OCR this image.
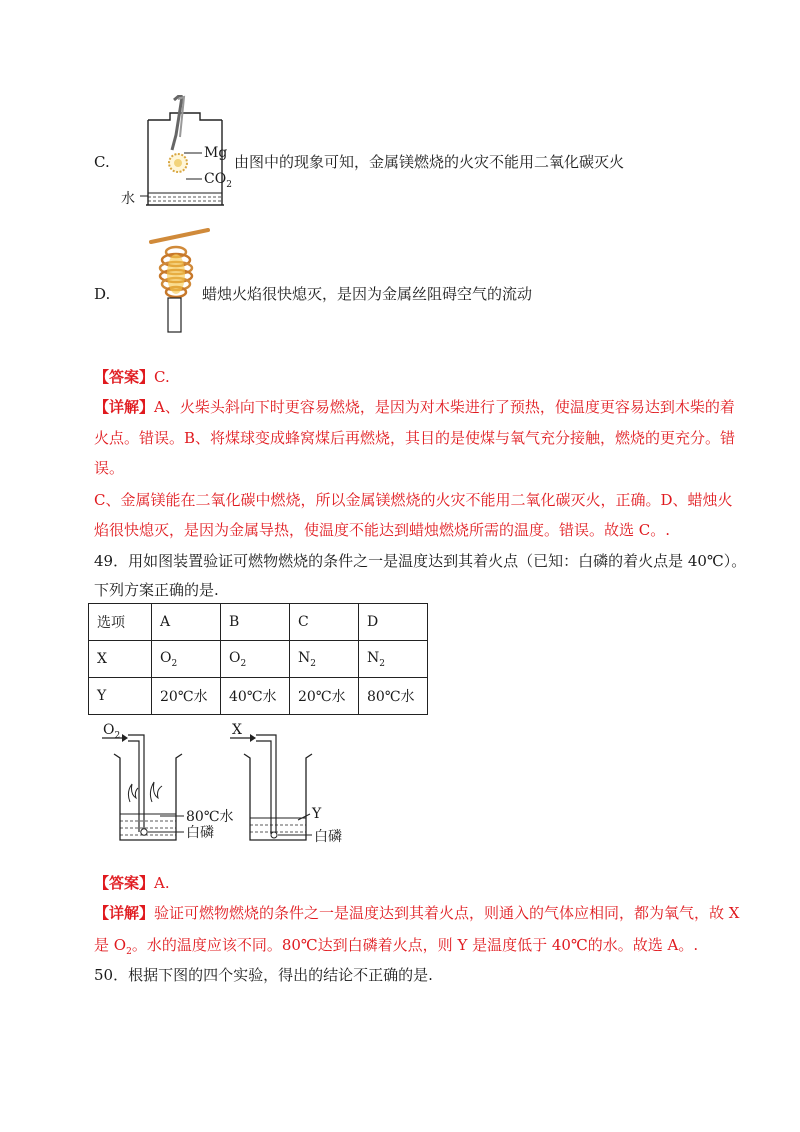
C.	Mg
$CO_2$
水
由图中的现象可知，金属镁燃烧的火灾不能用二氧化碳灭火
D.	蜡烛火焰很快熄灭，是因为金属丝阻碍空气的流动
【答案】C.
【详解】A、火柴头斜向下时更容易燃烧，是因为对木柴进行了预热，使温度更容易达到木柴的着
火点。错误。B、将煤球变成蜂窝煤后再燃烧，其目的是使煤与氧气充分接触，燃烧的更充分。错
误。
C、金属镁能在二氧化碳中燃烧，所以金属镁燃烧的火灾不能用二氧化碳灭火，正确。D、蜡烛火
焰很快熄灭，是因为金属导热，使温度不能达到蜡烛燃烧所需的温度。错误。故选 C。.
49．用如图装置验证可燃物燃烧的条件之一是温度达到其着火点（已知：白磷的着火点是 40℃）。
下列方案正确的是.
选项	A	B	C	D
X	$O_2$	$O_2$	$N_2$	$N_2$
Y	20℃水	40℃水	20℃水	80℃水
$O_2$
80℃水
白磷
X
Y
白磷
【答案】A.
【详解】验证可燃物燃烧的条件之一是温度达到其着火点，则通入的气体应相同，都为氧气，故 X
是 $O_2$。水的温度应该不同。80℃达到白磷着火点，则 Y 是温度低于 40℃的水。故选 A。.
50．根据下图的四个实验，得出的结论不正确的是.
